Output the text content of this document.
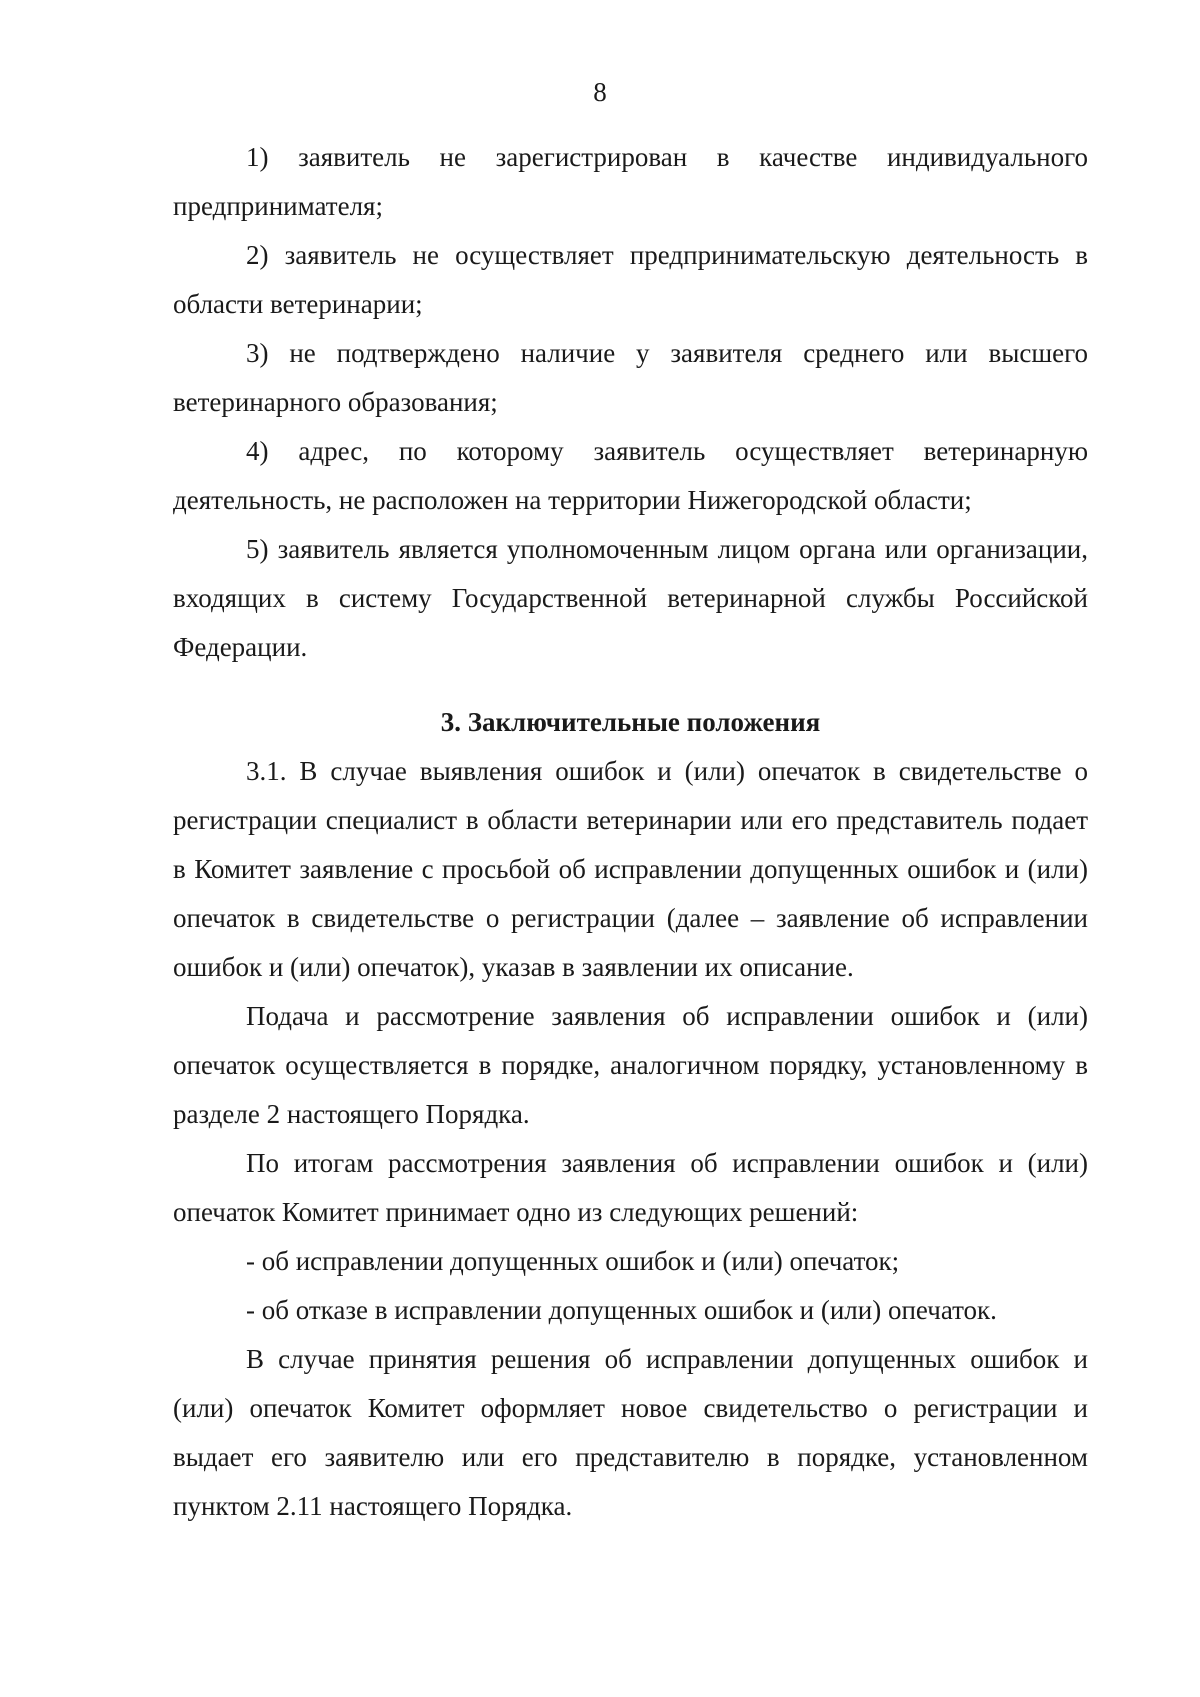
8

1) заявитель не зарегистрирован в качестве индивидуального предпринимателя;

2) заявитель не осуществляет предпринимательскую деятельность в области ветеринарии;

3) не подтверждено наличие у заявителя среднего или высшего ветеринарного образования;

4) адрес, по которому заявитель осуществляет ветеринарную деятельность, не расположен на территории Нижегородской области;

5) заявитель является уполномоченным лицом органа или организации, входящих в систему Государственной ветеринарной службы Российской Федерации.

3. Заключительные положения

3.1. В случае выявления ошибок и (или) опечаток в свидетельстве о регистрации специалист в области ветеринарии или его представитель подает в Комитет заявление с просьбой об исправлении допущенных ошибок и (или) опечаток в свидетельстве о регистрации (далее – заявление об исправлении ошибок и (или) опечаток), указав в заявлении их описание.

Подача и рассмотрение заявления об исправлении ошибок и (или) опечаток осуществляется в порядке, аналогичном порядку, установленному в разделе 2 настоящего Порядка.

По итогам рассмотрения заявления об исправлении ошибок и (или) опечаток Комитет принимает одно из следующих решений:

- об исправлении допущенных ошибок и (или) опечаток;

- об отказе в исправлении допущенных ошибок и (или) опечаток.

В случае принятия решения об исправлении допущенных ошибок и (или) опечаток Комитет оформляет новое свидетельство о регистрации и выдает его заявителю или его представителю в порядке, установленном пунктом 2.11 настоящего Порядка.
